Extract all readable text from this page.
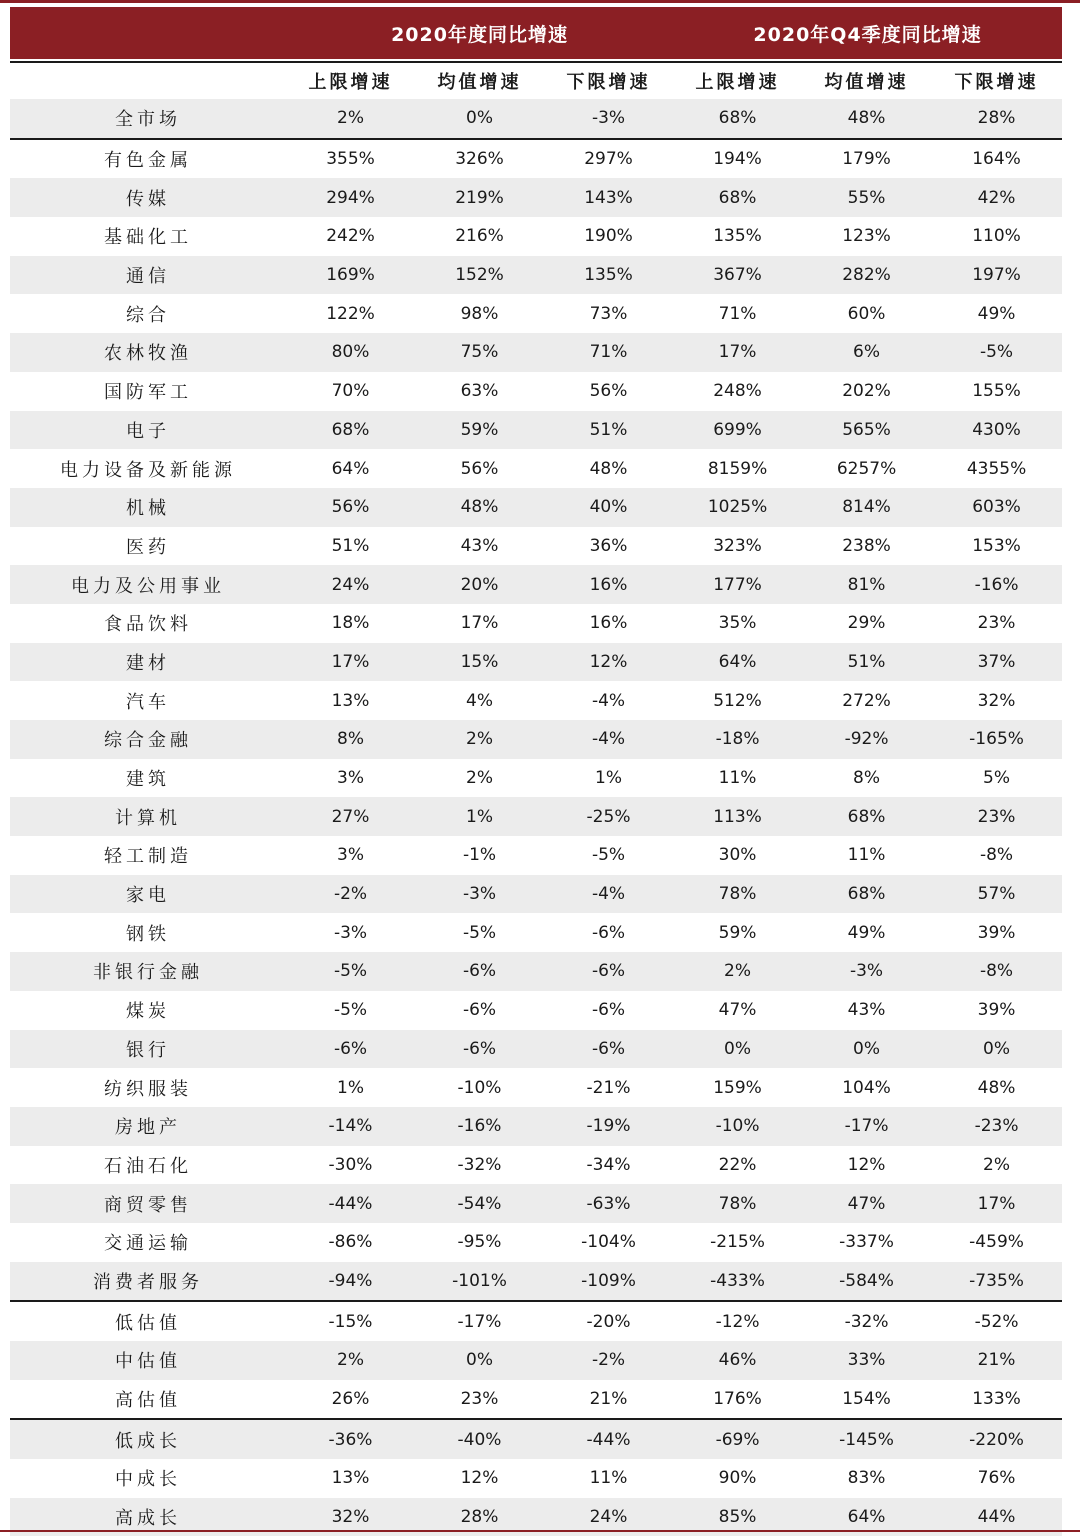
	2020年度同比增速			2020年Q4季度同比增速		

	上限增速	均值增速	下限增速	上限增速	均值增速	下限增速
全市场	2%	0%	-3%	68%	48%	28%
有色金属	355%	326%	297%	194%	179%	164%
传媒	294%	219%	143%	68%	55%	42%
基础化工	242%	216%	190%	135%	123%	110%
通信	169%	152%	135%	367%	282%	197%
综合	122%	98%	73%	71%	60%	49%
农林牧渔	80%	75%	71%	17%	6%	-5%
国防军工	70%	63%	56%	248%	202%	155%
电子	68%	59%	51%	699%	565%	430%
电力设备及新能源	64%	56%	48%	8159%	6257%	4355%
机械	56%	48%	40%	1025%	814%	603%
医药	51%	43%	36%	323%	238%	153%
电力及公用事业	24%	20%	16%	177%	81%	-16%
食品饮料	18%	17%	16%	35%	29%	23%
建材	17%	15%	12%	64%	51%	37%
汽车	13%	4%	-4%	512%	272%	32%
综合金融	8%	2%	-4%	-18%	-92%	-165%
建筑	3%	2%	1%	11%	8%	5%
计算机	27%	1%	-25%	113%	68%	23%
轻工制造	3%	-1%	-5%	30%	11%	-8%
家电	-2%	-3%	-4%	78%	68%	57%
钢铁	-3%	-5%	-6%	59%	49%	39%
非银行金融	-5%	-6%	-6%	2%	-3%	-8%
煤炭	-5%	-6%	-6%	47%	43%	39%
银行	-6%	-6%	-6%	0%	0%	0%
纺织服装	1%	-10%	-21%	159%	104%	48%
房地产	-14%	-16%	-19%	-10%	-17%	-23%
石油石化	-30%	-32%	-34%	22%	12%	2%
商贸零售	-44%	-54%	-63%	78%	47%	17%
交通运输	-86%	-95%	-104%	-215%	-337%	-459%
消费者服务	-94%	-101%	-109%	-433%	-584%	-735%
低估值	-15%	-17%	-20%	-12%	-32%	-52%
中估值	2%	0%	-2%	46%	33%	21%
高估值	26%	23%	21%	176%	154%	133%
低成长	-36%	-40%	-44%	-69%	-145%	-220%
中成长	13%	12%	11%	90%	83%	76%
高成长	32%	28%	24%	85%	64%	44%
